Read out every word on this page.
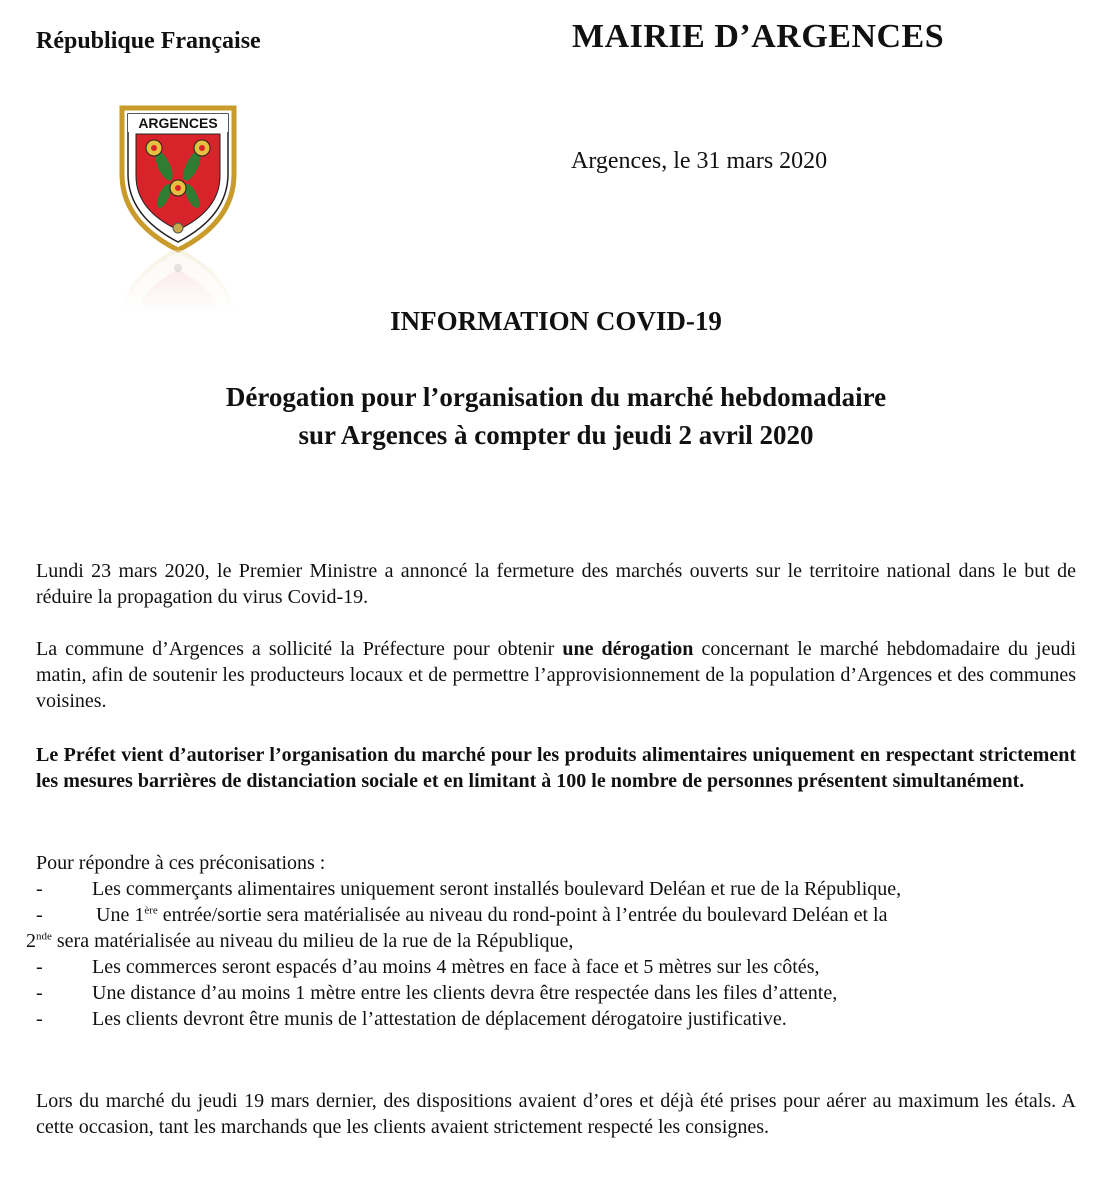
République Française	MAIRIE D’ARGENCES
ARGENCES
Argences, le 31 mars 2020
INFORMATION COVID-19
Dérogation pour l’organisation du marché hebdomadaire
sur Argences à compter du jeudi 2 avril 2020

Lundi 23 mars 2020, le Premier Ministre a annoncé la fermeture des marchés ouverts sur le territoire national dans le but de réduire la propagation du virus Covid-19.

La commune d’Argences a sollicité la Préfecture pour obtenir une dérogation concernant le marché hebdomadaire du jeudi matin, afin de soutenir les producteurs locaux et de permettre l’approvisionnement de la population d’Argences et des communes voisines.

Le Préfet vient d’autoriser l’organisation du marché pour les produits alimentaires uniquement en respectant strictement les mesures barrières de distanciation sociale et en limitant à 100 le nombre de personnes présentent simultanément.

Pour répondre à ces préconisations :
- Les commerçants alimentaires uniquement seront installés boulevard Deléan et rue de la République,
-	Une 1ère entrée/sortie sera matérialisée au niveau du rond-point à l’entrée du boulevard Deléan et la
2nde sera matérialisée au niveau du milieu de la rue de la République,
- Les commerces seront espacés d’au moins 4 mètres en face à face et 5 mètres sur les côtés,
- Une distance d’au moins 1 mètre entre les clients devra être respectée dans les files d’attente,
- Les clients devront être munis de l’attestation de déplacement dérogatoire justificative.

Lors du marché du jeudi 19 mars dernier, des dispositions avaient d’ores et déjà été prises pour aérer au maximum les étals. A cette occasion, tant les marchands que les clients avaient strictement respecté les consignes.
